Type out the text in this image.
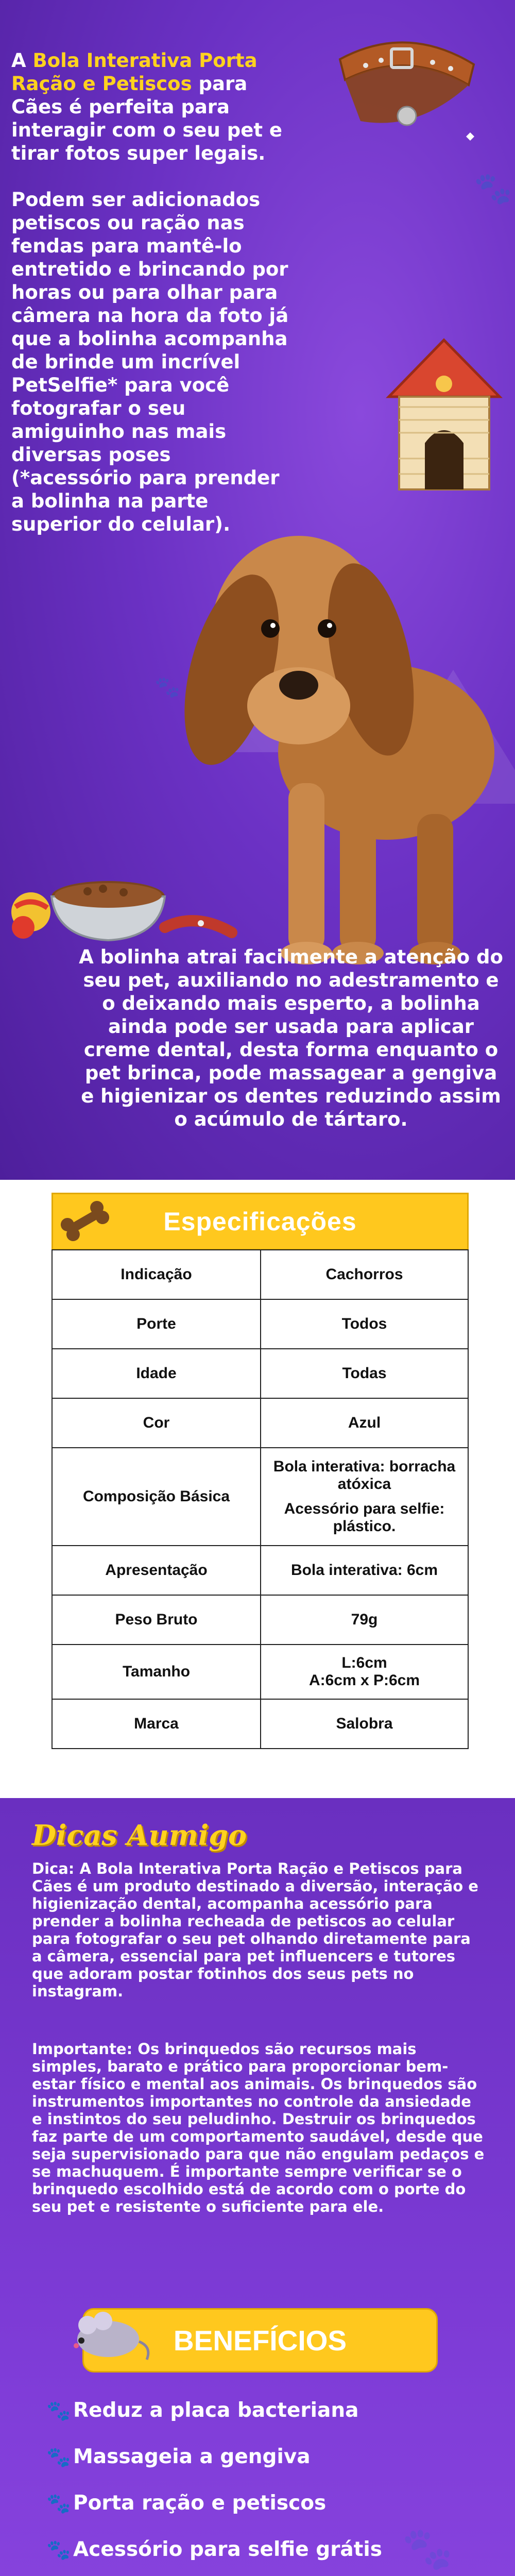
🐾
🐾
🐾
A Bola Interativa Porta Ração e Petiscos para Cães é perfeita para interagir com o seu pet e tirar fotos super legais.
Podem ser adicionados petiscos ou ração nas fendas para mantê-lo entretido e brincando por horas ou para olhar para câmera na hora da foto já que a bolinha acompanha de brinde um incrível PetSelfie* para você fotografar o seu amiguinho nas mais diversas poses (*acessório para prender a bolinha na parte superior do celular).
A bolinha atrai facilmente a atenção do seu pet, auxiliando no adestramento e o deixando mais esperto, a bolinha ainda pode ser usada para aplicar creme dental, desta forma enquanto o pet brinca, pode massagear a gengiva e higienizar os dentes reduzindo assim o acúmulo de tártaro.
Especificações
Indicação	Cachorros
Porte	Todos
Idade	Todas
Cor	Azul
Composição Básica	Bola interativa: borracha atóxica
Acessório para selfie: plástico.

Apresentação	Bola interativa: 6cm
Peso Bruto	79g
Tamanho	L:6cm
A:6cm x P:6cm

Marca	Salobra
Dicas Aumigo
Dica: A Bola Interativa Porta Ração e Petiscos para Cães é um produto destinado a diversão, interação e higienização dental, acompanha acessório para prender a bolinha recheada de petiscos ao celular para fotografar o seu pet olhando diretamente para a câmera, essencial para pet influencers e tutores que adoram postar fotinhos dos seus pets no instagram.
Importante: Os brinquedos são recursos mais simples, barato e prático para proporcionar bem-estar físico e mental aos animais. Os brinquedos são instrumentos importantes no controle da ansiedade e instintos do seu peludinho. Destruir os brinquedos faz parte de um comportamento saudável, desde que seja supervisionado para que não engulam pedaços e se machuquem. É importante sempre verificar se o brinquedo escolhido está de acordo com o porte do seu pet e resistente o suficiente para ele.
BENEFÍCIOS
🐾 Reduz a placa bacteriana
🐾 Massageia a gengiva
🐾 Porta ração e petiscos
🐾 Acessório para selfie grátis
